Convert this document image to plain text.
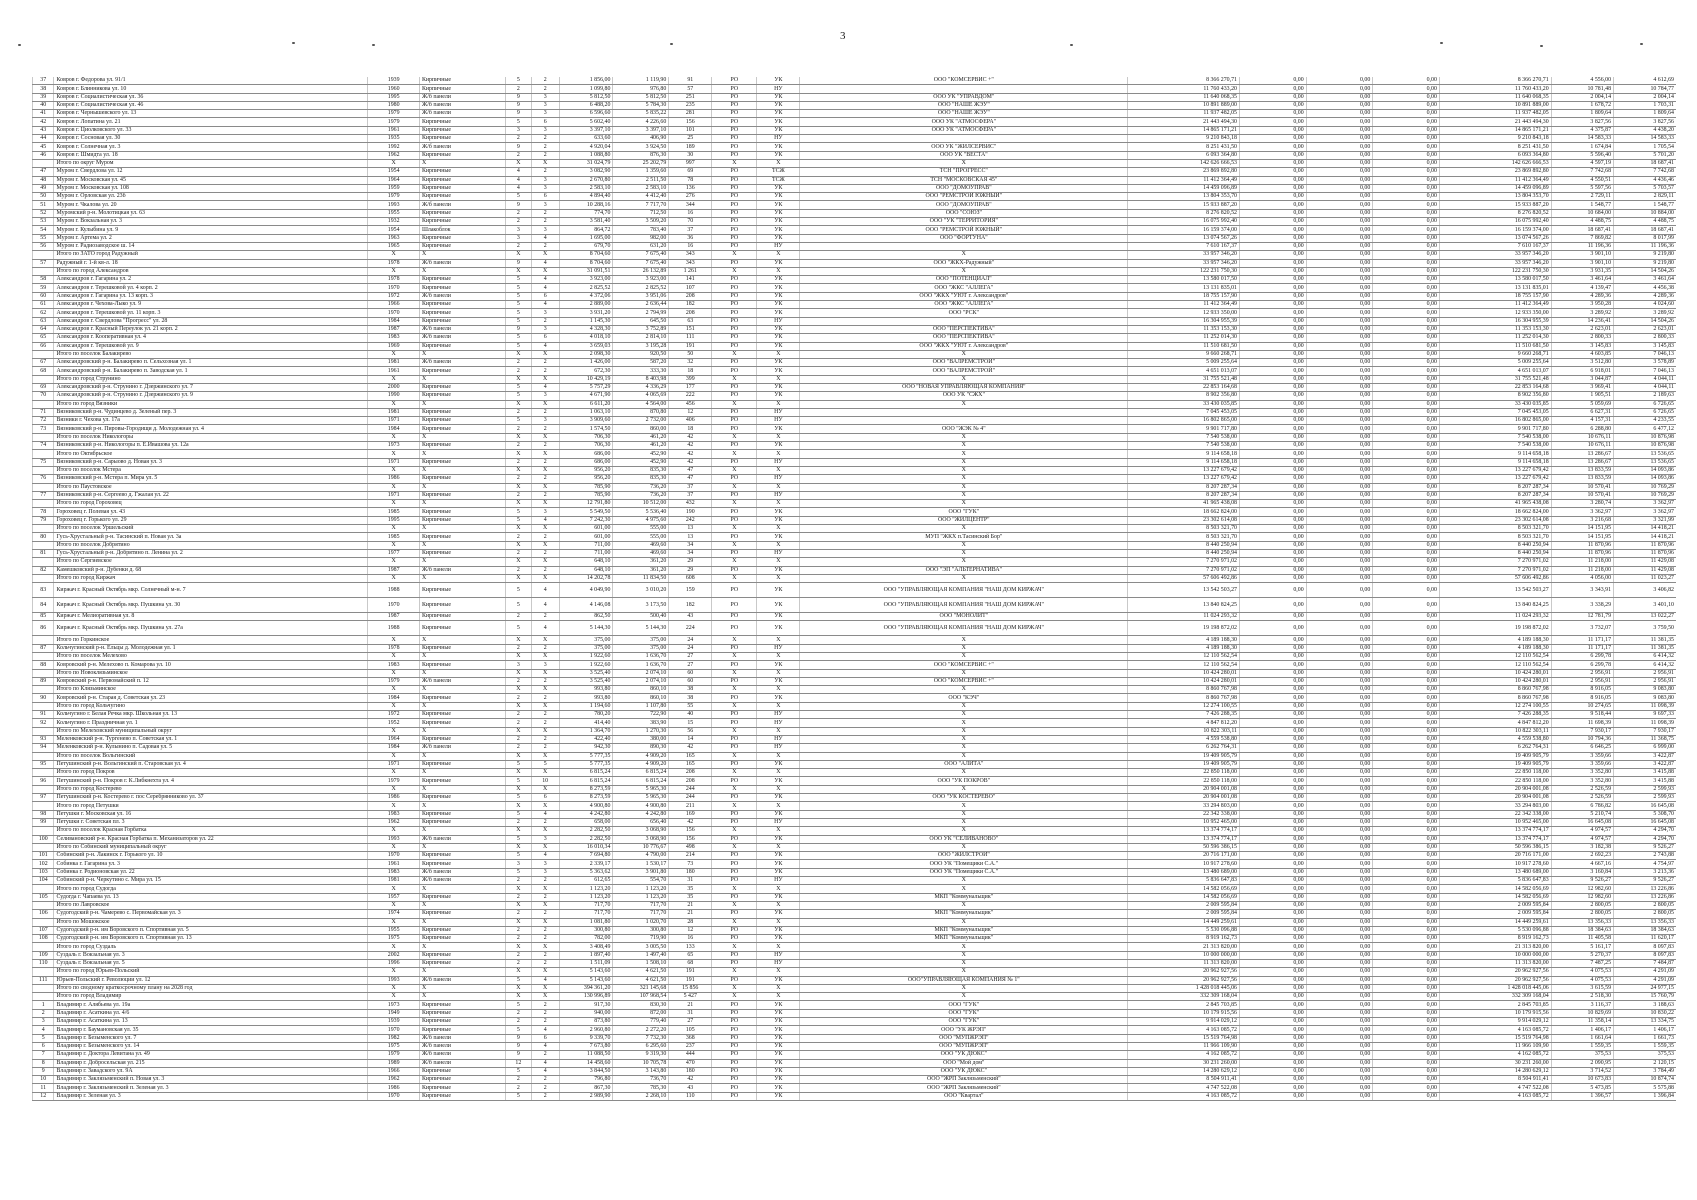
3
37	Ковров г. Федорова ул. 91/1	1939	Кирпичные	5	2	1 856,00	1 119,90	91	РО	УК	ООО "КОМСЕРВИС +"	8 366 270,71	0,00	0,00	0,00	8 366 270,71	4 556,00	4 612,69
38	Ковров г. Блинникова ул. 10	1960	Кирпичные	2	2	1 099,80	976,80	57	РО	НУ		11 760 433,20	0,00	0,00	0,00	11 760 433,20	10 781,48	10 784,77
39	Ковров г. Социалистическая ул. 36	1995	Ж/б панели	9	3	5 812,50	5 812,50	251	РО	УК	ООО УК "УПРАВДОМ"	11 640 068,35	0,00	0,00	0,00	11 640 068,35	2 004,14	2 004,14
40	Ковров г. Социалистическая ул. 46	1980	Ж/б панели	9	3	6 488,20	5 784,30	235	РО	УК	ООО "НАШЕ ЖЭУ"	10 891 889,00	0,00	0,00	0,00	10 891 889,00	1 678,72	1 703,31
41	Ковров г. Чернышевского ул. 13	1979	Ж/б панели	9	3	6 596,60	5 835,22	281	РО	УК	ООО "НАШЕ ЖЭУ"	11 937 482,05	0,00	0,00	0,00	11 937 482,05	1 809,64	1 809,64
42	Ковров г. Лопатина ул. 21	1979	Кирпичные	5	6	5 602,40	4 226,60	156	РО	УК	ООО УК "АТМОСФЕРА"	21 443 494,30	0,00	0,00	0,00	21 443 494,30	3 827,56	3 827,56
43	Ковров г. Циолковского ул. 33	1961	Кирпичные	3	3	3 397,10	3 397,10	101	РО	УК	ООО УК "АТМОСФЕРА"	14 865 171,21	0,00	0,00	0,00	14 865 171,21	4 375,87	4 438,20
44	Ковров г. Сосновая ул. 30	1935	Кирпичные	2	2	633,60	406,90	25	РО	НУ		9 210 843,18	0,00	0,00	0,00	9 210 843,18	14 583,33	14 583,33
45	Ковров г. Солнечная ул. 3	1992	Ж/б панели	9	2	4 920,04	3 924,50	189	РО	УК	ООО УК "ЖИЛСЕРВИС"	8 251 431,50	0,00	0,00	0,00	8 251 431,50	1 674,84	1 705,54
46	Ковров г. Шмидта ул. 18	1962	Кирпичные	2	2	1 088,80	876,30	30	РО	УК	ООО УК "ВЕСТА"	6 093 364,80	0,00	0,00	0,00	6 093 364,80	5 596,40	5 701,20
	Итого по округ Муром	X	X	X	X	31 024,79	25 202,79	997	X	X	X	142 626 666,53	0,00	0,00	0,00	142 626 666,53	4 597,19	18 687,41
47	Муром г. Свердлова ул. 12	1954	Кирпичные	4	2	3 082,90	1 359,60	69	РО	ТСЖ	ТСН "ПРОГРЕСС"	23 869 892,80	0,00	0,00	0,00	23 869 892,80	7 742,68	7 742,68
48	Муром г. Московская ул. 45	1964	Кирпичные	4	3	2 670,80	2 511,50	78	РО	ТСЖ	ТСН "МОСКОВСКАЯ 45"	11 412 364,49	0,00	0,00	0,00	11 412 364,49	4 550,51	4 436,46
49	Муром г. Московская ул. 108	1959	Кирпичные	4	3	2 583,10	2 583,10	136	РО	УК	ООО "ДОМОУПРАВ"	14 459 096,89	0,00	0,00	0,00	14 459 096,89	5 597,56	5 703,57
50	Муром г. Орловская ул. 23б	1979	Кирпичные	5	6	4 894,40	4 412,40	276	РО	УК	ООО "РЕМСТРОЙ ЮЖНЫЙ"	13 804 353,70	0,00	0,00	0,00	13 804 353,70	2 729,11	2 829,11
51	Муром г. Чкалова ул. 20	1993	Ж/б панели	9	3	10 288,16	7 717,70	344	РО	УК	ООО "ДОМОУПРАВ"	15 933 887,20	0,00	0,00	0,00	15 933 887,20	1 548,77	1 548,77
52	Муромский р-н. Молотицкая ул. 63	1955	Кирпичные	2	2	774,70	712,50	16	РО	УК	ООО "СОЮЗ"	8 276 820,52	0,00	0,00	0,00	8 276 820,52	10 684,00	10 884,00
53	Муром г. Вокзальная ул. 3	1932	Кирпичные	2	2	3 581,40	3 509,20	70	РО	УК	ООО "УК "ТЕРРИТОРИЯ"	16 075 992,40	0,00	0,00	0,00	16 075 992,40	4 488,75	4 488,75
54	Муром г. Кулыбина ул. 9	1954	Шлакоблок	3	3	864,72	783,40	37	РО	УК	ООО "РЕМСТРОЙ ЮЖНЫЙ"	16 159 374,00	0,00	0,00	0,00	16 159 374,00	18 687,41	18 687,41
55	Муром г. Артема ул. 2	1963	Кирпичные	3	4	1 695,00	982,00	36	РО	УК	ООО "ФОРТУНА"	13 074 567,26	0,00	0,00	0,00	13 074 567,26	7 869,82	8 017,99
56	Муром г. Радиозаводское ш. 14	1965	Кирпичные	2	2	679,70	631,20	16	РО	НУ		7 610 167,37	0,00	0,00	0,00	7 610 167,37	11 196,36	11 196,36
	Итого по ЗАТО город Радужный	X	X	X	X	8 704,60	7 675,40	343	X	X	X	33 957 346,20	0,00	0,00	0,00	33 957 346,20	3 901,10	9 219,80
57	Радужный г. 1-й кв-л. 18	1978	Ж/б панели	9	4	8 704,60	7 675,40	343	РО	УК	ООО "ЖКХ-Радужный"	33 957 346,20	0,00	0,00	0,00	33 957 346,20	3 901,10	9 219,80
	Итого по город Александров	X	X	X	X	31 091,51	26 132,89	1 261	X	X	X	122 231 750,30	0,00	0,00	0,00	122 231 750,30	3 931,35	14 504,26
58	Александров г. Гагарина ул. 2	1978	Кирпичные	5	4	3 923,00	3 923,00	141	РО	УК	ООО "ПОТЕНЦИАЛ"	13 580 017,50	0,00	0,00	0,00	13 580 017,50	3 461,64	3 461,64
59	Александров г. Терешковой ул. 4 корп. 2	1970	Кирпичные	5	4	2 825,52	2 825,52	107	РО	УК	ООО "ЖКС "АЛЛЕГА"	13 131 835,01	0,00	0,00	0,00	13 131 835,01	4 139,47	4 456,38
60	Александров г. Гагарина ул. 13 корп. 3	1972	Ж/б панели	5	6	4 372,06	3 951,06	208	РО	УК	ООО "ЖКХ "УЮТ г. Александров"	18 755 157,90	0,00	0,00	0,00	18 755 157,90	4 289,36	4 289,36
61	Александров г. Чехова-Лыко ул. 9	1966	Кирпичные	5	4	2 889,00	2 636,44	182	РО	УК	ООО "ЖКС "АЛЛЕГА"	11 412 364,49	0,00	0,00	0,00	11 412 364,49	3 950,28	4 024,60
62	Александров г. Терешковой ул. 11 корп. 3	1970	Кирпичные	5	3	3 931,20	2 794,99	208	РО	УК	ООО "РСК"	12 933 350,00	0,00	0,00	0,00	12 933 350,00	3 289,92	3 289,92
63	Александров г. Свердлова "Прогресс" ул. 28	1984	Кирпичные	5	2	1 145,30	645,50	63	РО	НУ		16 304 955,39	0,00	0,00	0,00	16 304 955,39	14 236,41	14 504,26
64	Александров г. Красный Переулок ул. 21 корп. 2	1987	Ж/б панели	9	3	4 328,30	3 752,89	151	РО	УК	ООО "ПЕРСПЕКТИВА"	11 353 153,30	0,00	0,00	0,00	11 353 153,30	2 623,01	2 623,01
65	Александров г. Кооперативная ул. 4	1983	Ж/б панели	5	6	4 018,10	2 814,10	111	РО	УК	ООО "ПЕРСПЕКТИВА"	11 252 014,30	0,00	0,00	0,00	11 252 014,30	2 800,33	2 800,33
66	Александров г. Терешковой ул. 9	1969	Кирпичные	5	4	3 659,03	3 195,28	191	РО	УК	ООО "ЖКХ "УЮТ г. Александров"	11 510 681,50	0,00	0,00	0,00	11 510 681,50	3 145,83	3 145,83
	Итого по поселок Балакирево	X	X	X	X	2 098,30	920,50	50	X	X	X	9 660 268,71	0,00	0,00	0,00	9 660 268,71	4 603,85	7 046,13
67	Александровский р-н. Балакирево п. Сельхозная ул. 1	1981	Ж/б панели	2	2	1 426,00	587,20	32	РО	УК	ООО "ВАЛРЕМСТРОЙ"	5 009 255,64	0,00	0,00	0,00	5 009 255,64	3 512,80	3 578,89
68	Александровский р-н. Балакирево п. Заводская ул. 1	1961	Кирпичные	2	2	672,30	333,30	18	РО	УК	ООО "ВАЛРЕМСТРОЙ"	4 651 013,07	0,00	0,00	0,00	4 651 013,07	6 918,01	7 046,13
	Итого по город Струнино	X	X	X	X	10 429,19	8 403,98	399	X	X	X	31 755 521,48	0,00	0,00	0,00	31 755 521,48	3 044,87	4 044,11
69	Александровский р-н. Струнино г. Дзержинского ул. 7	2000	Кирпичные	5	4	5 757,29	4 336,29	177	РО	УК	ООО "НОВАЯ УПРАВЛЯЮЩАЯ КОМПАНИЯ"	22 853 164,68	0,00	0,00	0,00	22 853 164,68	3 969,41	4 044,11
70	Александровский р-н. Струнино г. Дзержинского ул. 9	1990	Кирпичные	5	3	4 671,90	4 065,69	222	РО	УК	ООО УК "СЖХ"	8 902 356,80	0,00	0,00	0,00	8 902 356,80	1 905,51	2 189,63
	Итого по город Вязники	X	X	X	X	6 611,20	4 564,00	456	X	X	X	33 430 035,85	0,00	0,00	0,00	33 430 035,85	5 059,69	6 726,65
71	Вязниковский р-н. Чудинцево д. Зеленый пер. 3	1981	Кирпичные	2	2	1 063,10	870,80	12	РО	НУ		7 045 453,05	0,00	0,00	0,00	7 045 453,05	6 627,31	6 726,65
72	Вязники г. Чехова ул. 17а	1971	Кирпичные	5	3	3 909,60	2 732,00	406	РО	НУ		16 802 865,00	0,00	0,00	0,00	16 802 865,00	4 157,31	4 233,55
73	Вязниковский р-н. Пировы-Городищи д. Молодежная ул. 4	1984	Кирпичные	2	2	1 574,50	860,00	18	РО	УК	ООО "ЖЭК № 4"	9 901 717,80	0,00	0,00	0,00	9 901 717,80	6 288,80	6 477,12
	Итого по поселок Никологоры	X	X	X	X	706,30	461,20	42	X	X	X	7 540 538,00	0,00	0,00	0,00	7 540 538,00	10 676,11	10 876,98
74	Вязниковский р-н. Никологоры п. Е.Ивашова ул. 12а	1973	Кирпичные	2	2	706,30	461,20	42	РО	УК	X	7 540 538,00	0,00	0,00	0,00	7 540 538,00	10 676,11	10 876,98
	Итого по Октябрьское	X	X	X	X	686,00	452,90	42	X	X	X	9 114 658,18	0,00	0,00	0,00	9 114 658,18	13 286,67	13 536,65
75	Вязниковский р-н. Сарыово д. Новая ул. 3	1971	Кирпичные	2	2	686,00	452,90	42	РО	НУ	X	9 114 658,18	0,00	0,00	0,00	9 114 658,18	13 286,67	13 536,65
	Итого по поселок Мстера	X	X	X	X	956,20	835,30	47	X	X	X	13 227 679,42	0,00	0,00	0,00	13 227 679,42	13 833,59	14 093,86
76	Вязниковский р-н. Мстера п. Мира ул. 5	1986	Кирпичные	2	2	956,20	835,30	47	РО	НУ	X	13 227 679,42	0,00	0,00	0,00	13 227 679,42	13 833,59	14 093,86
	Итого по Паустовское	X	X	X	X	785,90	736,20	37	X	X	X	8 207 287,34	0,00	0,00	0,00	8 207 287,34	10 570,41	10 769,29
77	Вязниковский р-н. Сергеево д. Гжалая ул. 22	1971	Кирпичные	2	2	785,90	736,20	37	РО	НУ	X	8 207 287,34	0,00	0,00	0,00	8 207 287,34	10 570,41	10 769,29
	Итого по город Гороховец	X	X	X	X	12 791,80	10 512,00	432	X	X	X	41 965 438,08	0,00	0,00	0,00	41 965 438,08	3 280,74	3 362,97
78	Гороховец г. Полевая ул. 43	1985	Кирпичные	5	3	5 549,50	5 536,40	190	РО	УК	ООО "ГУК"	18 662 824,00	0,00	0,00	0,00	18 662 824,00	3 362,97	3 362,97
79	Гороховец г. Горького ул. 29	1995	Кирпичные	5	4	7 242,30	4 975,60	242	РО	УК	ООО "ЖИЛЦЕНТР"	23 302 614,08	0,00	0,00	0,00	23 302 614,08	3 216,68	3 321,99
	Итого по поселок Уршельский	X	X	X	X	601,00	555,00	13	X	X	X	8 503 321,70	0,00	0,00	0,00	8 503 321,70	14 151,95	14 418,21
80	Гусь-Хрустальный р-н. Тасинский п. Новая ул. 3а	1985	Кирпичные	2	2	601,00	555,00	13	РО	УК	МУП "ЖКХ п.Тасинский Бор"	8 503 321,70	0,00	0,00	0,00	8 503 321,70	14 151,95	14 418,21
	Итого по поселок Добрятино	X	X	X	X	711,00	469,60	34	X	X	X	8 440 250,94	0,00	0,00	0,00	8 440 250,94	11 870,96	11 870,96
81	Гусь-Хрустальный р-н. Добрятино п. Ленина ул. 2	1977	Кирпичные	2	2	711,00	469,60	34	РО	НУ	X	8 440 250,94	0,00	0,00	0,00	8 440 250,94	11 870,96	11 870,96
	Итого по Сергиевское	X	X	X	X	648,10	361,20	29	X	X	X	7 270 971,02	0,00	0,00	0,00	7 270 971,02	11 218,00	11 429,08
82	Камешковский р-н. Дубенки д. 68	1987	Ж/б панели	2	2	648,10	361,20	29	РО	УК	ООО "ЭП "АЛЬТЕРНАТИВА"	7 270 971,02	0,00	0,00	0,00	7 270 971,02	11 218,00	11 429,08
	Итого по город Киржач	X	X	X	X	14 202,78	11 834,50	608	X	X	X	57 606 492,86	0,00	0,00	0,00	57 606 492,86	4 056,00	11 023,27
83	Киржач г. Красный Октябрь мкр. Солнечный м-н. 7	1988	Кирпичные	5	4	4 049,90	3 010,20	159	РО	УК	ООО "УПРАВЛЯЮЩАЯ КОМПАНИЯ "НАШ ДОМ КИРЖАЧ"	13 542 503,27	0,00	0,00	0,00	13 542 503,27	3 343,91	3 406,82
84	Киржач г. Красный Октябрь мкр. Пушкина ул. 30	1970	Кирпичные	5	4	4 146,08	3 173,50	182	РО	УК	ООО "УПРАВЛЯЮЩАЯ КОМПАНИЯ "НАШ ДОМ КИРЖАЧ"	13 840 824,25	0,00	0,00	0,00	13 840 824,25	3 338,29	3 401,10
85	Киржач г. Мелиоративная ул. 8	1987	Кирпичные	2	2	862,50	500,40	43	РО	УК	ООО "МОНОЛИТ"	11 024 293,32	0,00	0,00	0,00	11 024 293,32	12 781,79	13 022,27
86	Киржач г. Красный Октябрь мкр. Пушкина ул. 27а	1988	Кирпичные	5	4	5 144,30	5 144,30	224	РО	УК	ООО "УПРАВЛЯЮЩАЯ КОМПАНИЯ "НАШ ДОМ КИРЖАЧ"	19 198 872,02	0,00	0,00	0,00	19 198 872,02	3 732,07	3 759,50
	Итого по Горкинское	X	X	X	X	375,00	375,00	24	X	X	X	4 189 188,30	0,00	0,00	0,00	4 189 188,30	11 171,17	11 381,35
87	Кольчугинский р-н. Ельцы д. Молодежная ул. 1	1978	Кирпичные	2	2	375,00	375,00	24	РО	НУ	X	4 189 188,30	0,00	0,00	0,00	4 189 188,30	11 171,17	11 381,35
	Итого по поселок Мелехово	X	X	X	X	1 922,60	1 636,70	27	X	X	X	12 110 562,54	0,00	0,00	0,00	12 110 562,54	6 299,78	6 414,32
88	Ковровский р-н. Мелехово п. Комарова ул. 10	1983	Кирпичные	3	3	1 922,60	1 636,70	27	РО	УК	ООО "КОМСЕРВИС +"	12 110 562,54	0,00	0,00	0,00	12 110 562,54	6 299,78	6 414,32
	Итого по Новоклязьминское	X	X	X	X	3 525,40	2 074,10	60	X	X	X	10 424 280,01	0,00	0,00	0,00	10 424 280,01	2 956,91	2 956,91
89	Ковровский р-н. Первомайский п. 12	1979	Ж/б панели	2	2	3 525,40	2 074,10	60	РО	УК	ООО "КОМСЕРВИС +"	10 424 280,01	0,00	0,00	0,00	10 424 280,01	2 956,91	2 956,91
	Итого по Клязьминское	X	X	X	X	993,80	860,10	38	X	X	X	8 860 767,98	0,00	0,00	0,00	8 860 767,98	8 916,05	9 083,80
90	Ковровский р-н. Старая д. Советская ул. 23	1984	Кирпичные	2	2	993,80	860,10	38	РО	УК	ООО "КЭЧ"	8 860 767,98	0,00	0,00	0,00	8 860 767,98	8 916,05	9 083,80
	Итого по город Кольчугино	X	X	X	X	1 194,60	1 107,80	55	X	X	X	12 274 100,55	0,00	0,00	0,00	12 274 100,55	10 274,65	11 098,39
91	Кольчугино г. Белая Речка мкр. Школьная ул. 13	1972	Кирпичные	2	2	780,20	722,90	40	РО	НУ	X	7 426 288,35	0,00	0,00	0,00	7 426 288,35	9 518,44	9 697,33
92	Кольчугино г. Праздничная ул. 1	1952	Кирпичные	2	2	414,40	383,90	15	РО	НУ	X	4 847 812,20	0,00	0,00	0,00	4 847 812,20	11 698,39	11 098,39
	Итого по Мелеховский муниципальный округ	X	X	X	X	1 364,70	1 270,30	56	X	X	X	10 822 303,11	0,00	0,00	0,00	10 822 303,11	7 930,17	7 930,17
93	Меленковский р-н. Тургенево п. Советская ул. 1	1964	Кирпичные	2	2	422,40	380,00	14	РО	НУ	X	4 559 538,80	0,00	0,00	0,00	4 559 538,80	10 794,36	11 368,75
94	Меленковский р-н. Кулынино п. Садовая ул. 5	1984	Ж/б панели	2	2	942,30	890,30	42	РО	НУ	X	6 262 764,31	0,00	0,00	0,00	6 262 764,31	6 646,25	6 999,00
	Итого по поселок Вольгинский	X	X	X	X	5 777,35	4 909,20	165	X	X	X	19 409 905,79	0,00	0,00	0,00	19 409 905,79	3 359,66	3 422,87
95	Петушинский р-н. Вольгинский п. Старовская ул. 4	1971	Кирпичные	5	5	5 777,35	4 909,20	165	РО	УК	ООО "АЛИТА"	19 409 905,79	0,00	0,00	0,00	19 409 905,79	3 359,66	3 422,87
	Итого по город Покров	X	X	X	X	6 815,24	6 815,24	208	X	X	X	22 850 118,00	0,00	0,00	0,00	22 850 118,00	3 352,80	3 415,88
96	Петушинский р-н. Покров г. К.Либкнехта ул. 4	1979	Кирпичные	5	10	6 815,24	6 815,24	208	РО	УК	ООО "УК ПОКРОВ"	22 850 118,00	0,00	0,00	0,00	22 850 118,00	3 352,80	3 415,88
	Итого по город Костерево	X	X	X	X	8 273,59	5 965,30	244	X	X	X	20 904 001,08	0,00	0,00	0,00	20 904 001,08	2 526,59	2 599,93
97	Петушинский р-н. Костерево г. пос Серебрянниково ул. 37	1986	Кирпичные	5	6	8 273,59	5 965,30	244	РО	УК	ООО "УК КОСТЕРЕВО"	20 904 001,08	0,00	0,00	0,00	20 904 001,08	2 526,59	2 599,93
	Итого по город Петушки	X	X	X	X	4 900,80	4 900,80	211	X	X	X	33 294 803,00	0,00	0,00	0,00	33 294 803,00	6 786,82	16 645,08
98	Петушки г. Московская ул. 16	1983	Кирпичные	5	4	4 242,80	4 242,80	169	РО	УК	X	22 342 338,00	0,00	0,00	0,00	22 342 338,00	5 210,74	5 308,70
99	Петушки г. Советская пл. 3	1962	Кирпичные	2	2	658,00	656,40	42	РО	НУ	X	10 952 465,00	0,00	0,00	0,00	10 952 465,00	16 645,08	16 645,08
	Итого по поселок Красная Горбатка	X	X	X	X	2 282,50	3 068,90	156	X	X	X	13 374 774,17	0,00	0,00	0,00	13 374 774,17	4 974,57	4 294,70
100	Селивановский р-н. Красная Горбатка п. Механизаторов ул. 22	1993	Ж/б панели	5	3	2 282,50	3 068,90	156	РО	УК	ООО УК "СЕЛИВАНОВО"	13 374 774,17	0,00	0,00	0,00	13 374 774,17	4 974,57	4 294,70
	Итого по Собинский муниципальный округ	X	X	X	X	16 010,34	10 776,67	498	X	X	X	50 596 386,15	0,00	0,00	0,00	50 596 386,15	3 182,38	9 526,27
101	Собинский р-н. Лакинск г. Горького ул. 10	1970	Кирпичные	5	4	7 694,80	4 790,00	214	РО	УК	ООО "ЖИЛСТРОЙ"	20 716 171,00	0,00	0,00	0,00	20 716 171,00	2 692,23	2 743,88
102	Собинка г. Гагарина ул. 3	1961	Кирпичные	3	3	2 339,17	1 530,17	73	РО	УК	ООО УК "Помещики С.А."	10 917 278,60	0,00	0,00	0,00	10 917 278,60	4 667,16	4 754,97
103	Собинка г. Родионовская ул. 22	1983	Ж/б панели	5	3	5 363,62	3 901,80	180	РО	УК	ООО УК "Помещики С.А."	13 480 689,00	0,00	0,00	0,00	13 480 689,00	3 160,84	3 213,36
104	Собинский р-н. Черкутино с. Мира ул. 15	1981	Ж/б панели	2	2	612,65	554,70	31	РО	НУ	X	5 836 647,83	0,00	0,00	0,00	5 836 647,83	9 526,27	9 526,27
	Итого по город Судогда	X	X	X	X	1 123,20	1 123,20	35	X	X	X	14 582 056,69	0,00	0,00	0,00	14 582 056,69	12 982,60	13 226,86
105	Судогда г. Чапаева ул. 13	1957	Кирпичные	2	2	1 123,20	1 123,20	35	РО	УК	МКП "Коммунальщик"	14 582 056,69	0,00	0,00	0,00	14 582 056,69	12 982,60	13 226,86
	Итого по Лавровское	X	X	X	X	717,70	717,70	21	X	X	X	2 009 595,84	0,00	0,00	0,00	2 009 595,84	2 800,05	2 800,05
106	Судогодский р-н. Чамерево с. Первомайская ул. 3	1974	Кирпичные	2	2	717,70	717,70	21	РО	УК	МКП "Коммунальщик"	2 009 595,84	0,00	0,00	0,00	2 009 595,84	2 800,05	2 800,05
	Итого по Мошокское	X	X	X	X	1 081,80	1 020,70	28	X	X	X	14 449 259,61	0,00	0,00	0,00	14 449 259,61	13 356,33	13 356,33
107	Судогодский р-н. им Воровского п. Спортивная ул. 5	1955	Кирпичные	2	2	300,80	300,80	12	РО	УК	МКП "Коммунальщик"	5 530 096,88	0,00	0,00	0,00	5 530 096,88	18 384,63	18 384,63
108	Судогодский р-н. им Воровского п. Спортивная ул. 13	1975	Кирпичные	2	2	782,00	719,90	16	РО	УК	МКП "Коммунальщик"	8 919 162,73	0,00	0,00	0,00	8 919 162,73	11 405,58	11 620,17
	Итого по город Суздаль	X	X	X	X	3 408,49	3 005,50	133	X	X	X	21 313 820,00	0,00	0,00	0,00	21 313 820,00	5 161,17	8 097,83
109	Суздаль г. Вокзальная ул. 3	2002	Кирпичные	2	2	1 897,40	1 497,40	65	РО	НУ	X	10 000 000,00	0,00	0,00	0,00	10 000 000,00	5 270,37	8 097,83
110	Суздаль г. Вокзальная ул. 5	1996	Кирпичные	2	2	1 511,09	1 508,10	68	РО	НУ	X	11 313 820,00	0,00	0,00	0,00	11 313 820,00	7 487,25	7 484,87
	Итого по город Юрьев-Польский	X	X	X	X	5 143,60	4 621,50	191	X	X	X	20 962 927,56	0,00	0,00	0,00	20 962 927,56	4 075,53	4 291,09
111	Юрьев-Польский г. Революции ул. 12	1993	Ж/б панели	5	4	5 143,60	4 621,50	191	РО	УК	ООО"УПРАВЛЯЮЩАЯ КОМПАНИЯ № 1"	20 962 927,56	0,00	0,00	0,00	20 962 927,56	4 075,53	4 291,09
	Итого по сводному краткосрочному плану на 2028 год	X	X	X	X	394 361,20	321 145,68	15 856	X	X	X	1 428 018 445,06	0,00	0,00	0,00	1 428 018 445,06	3 615,59	24 977,15
	Итого по город Владимир	X	X	X	X	130 996,89	107 968,54	5 427	X	X	X	332 309 168,04	0,00	0,00	0,00	332 309 168,04	2 518,30	15 760,79
1	Владимир г. Алябьева ул. 19а	1973	Кирпичные	5	2	917,30	830,30	21	РО	УК	ООО "ГУК"	2 845 703,85	0,00	0,00	0,00	2 845 703,85	3 116,37	3 188,63
2	Владимир г. Асаткина ул. 4/6	1949	Кирпичные	2	2	940,00	872,00	31	РО	УК	ООО "ГУК"	10 179 915,56	0,00	0,00	0,00	10 179 915,56	10 829,69	10 830,22
3	Владимир г. Асаткина ул. 13	1939	Кирпичные	2	2	873,80	779,40	27	РО	УК	ООО "ГУК"	9 914 029,12	0,00	0,00	0,00	9 914 029,12	11 358,14	13 334,75
4	Владимир г. Баумановская ул. 35	1970	Кирпичные	5	4	2 960,80	2 272,20	105	РО	УК	ООО "УК ЖРЭП"	4 163 085,72	0,00	0,00	0,00	4 163 085,72	1 406,17	1 406,17
5	Владимир г. Безыменского ул. 7	1982	Ж/б панели	9	6	9 339,70	7 732,30	368	РО	УК	ООО "МУПЖРЭП"	15 519 764,98	0,00	0,00	0,00	15 519 764,98	1 661,64	1 661,73
6	Владимир г. Безыменского ул. 14	1975	Ж/б панели	9	4	7 673,80	6 295,60	237	РО	УК	ООО "МУПЖРЭП"	11 966 109,90	0,00	0,00	0,00	11 966 109,90	1 559,35	1 559,35
7	Владимир г. Доктора Левитана ул. 49	1979	Ж/б панели	9	2	11 088,50	9 319,30	444	РО	УК	ООО "УК ДЮКС"	4 162 085,72	0,00	0,00	0,00	4 162 085,72	375,53	375,53
8	Владимир г. Добросельская ул. 215	1989	Ж/б панели	12	4	14 458,60	10 705,78	470	РО	УК	ООО "Мой дом"	30 231 260,00	0,00	0,00	0,00	30 231 260,00	2 090,95	2 120,15
9	Владимир г. Завадского ул. 9А	1966	Кирпичные	5	4	3 844,50	3 143,80	180	РО	УК	ООО "УК ДЮКС"	14 280 629,12	0,00	0,00	0,00	14 280 629,12	3 714,52	3 784,49
10	Владимир г. Заклязьменский п. Новая ул. 3	1962	Кирпичные	2	2	796,80	736,70	42	РО	УК	ООО "ЖРП Заклязьменский"	8 504 911,41	0,00	0,00	0,00	8 504 911,41	10 673,83	10 874,74
11	Владимир г. Заклязьменский п. Зеленая ул. 3	1986	Кирпичные	2	2	867,30	785,30	43	РО	УК	ООО "ЖРП Заклязьменский"	4 747 522,08	0,00	0,00	0,00	4 747 522,08	5 473,85	5 575,88
12	Владимир г. Зеленая ул. 3	1970	Кирпичные	5	2	2 989,90	2 268,10	110	РО	УК	ООО "Квартал"	4 163 085,72	0,00	0,00	0,00	4 163 085,72	1 396,57	1 396,84
